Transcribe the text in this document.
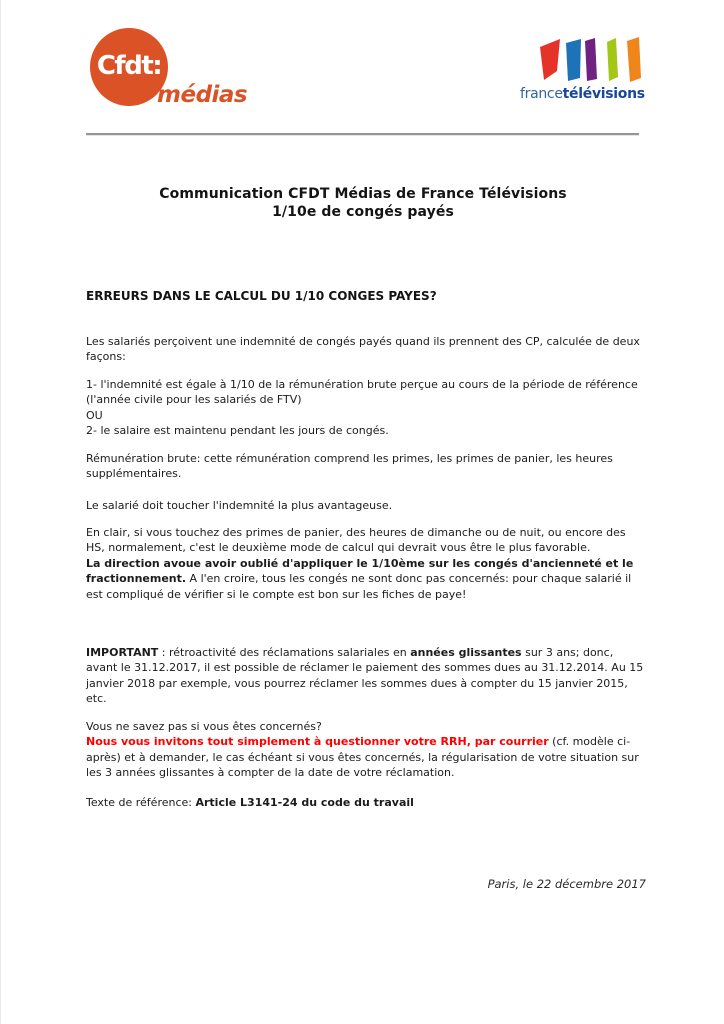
Cfdt:
médias	francetélévisions
Communication CFDT Médias de France Télévisions
1/10e de congés payés
ERREURS DANS LE CALCUL DU 1/10 CONGES PAYES?

Les salariés perçoivent une indemnité de congés payés quand ils prennent des CP, calculée de deux façons:

1- l'indemnité est égale à 1/10 de la rémunération brute perçue au cours de la période de référence (l'année civile pour les salariés de FTV)
OU
2- le salaire est maintenu pendant les jours de congés.

Rémunération brute: cette rémunération comprend les primes, les primes de panier, les heures supplémentaires.

Le salarié doit toucher l'indemnité la plus avantageuse.

En clair, si vous touchez des primes de panier, des heures de dimanche ou de nuit, ou encore des HS, normalement, c'est le deuxième mode de calcul qui devrait vous être le plus favorable.
La direction avoue avoir oublié d'appliquer le 1/10ème sur les congés d'ancienneté et le fractionnement. A l'en croire, tous les congés ne sont donc pas concernés: pour chaque salarié il est compliqué de vérifier si le compte est bon sur les fiches de paye!

IMPORTANT : rétroactivité des réclamations salariales en années glissantes sur 3 ans; donc, avant le 31.12.2017, il est possible de réclamer le paiement des sommes dues au 31.12.2014. Au 15 janvier 2018 par exemple, vous pourrez réclamer les sommes dues à compter du 15 janvier 2015, etc.

Vous ne savez pas si vous êtes concernés?
Nous vous invitons tout simplement à questionner votre RRH, par courrier (cf. modèle ci-après) et à demander, le cas échéant si vous êtes concernés, la régularisation de votre situation sur les 3 années glissantes à compter de la date de votre réclamation.

Texte de référence: Article L3141-24 du code du travail

Paris, le 22 décembre 2017
